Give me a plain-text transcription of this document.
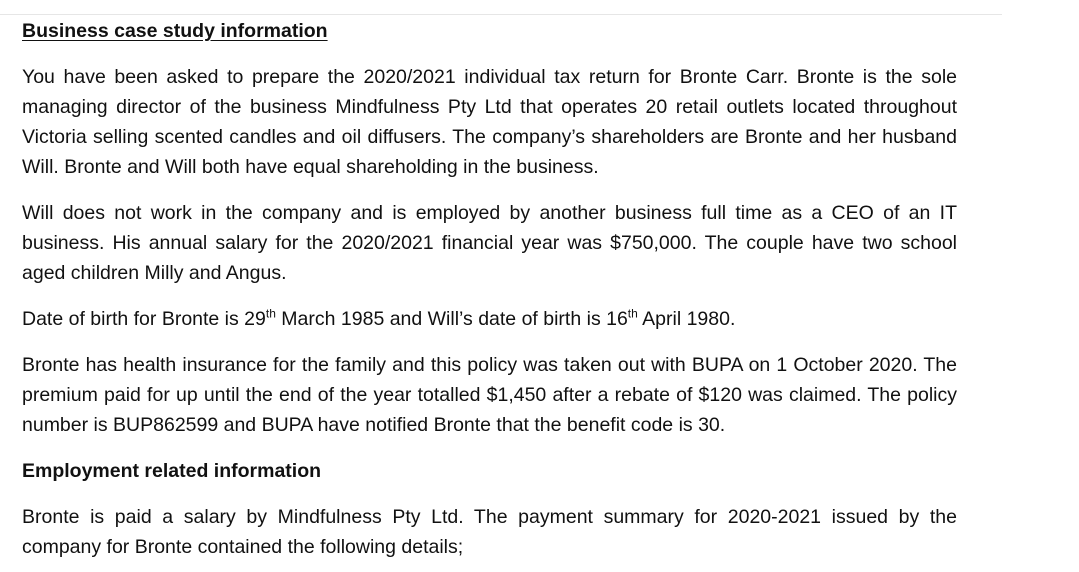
Business case study information

You have been asked to prepare the 2020/2021 individual tax return for Bronte Carr. Bronte is the sole managing director of the business Mindfulness Pty Ltd that operates 20 retail outlets located throughout Victoria selling scented candles and oil diffusers. The company’s shareholders are Bronte and her husband Will. Bronte and Will both have equal shareholding in the business.

Will does not work in the company and is employed by another business full time as a CEO of an IT business. His annual salary for the 2020/2021 financial year was $750,000. The couple have two school aged children Milly and Angus.

Date of birth for Bronte is 29th March 1985 and Will’s date of birth is 16th April 1980.

Bronte has health insurance for the family and this policy was taken out with BUPA on 1 October 2020. The premium paid for up until the end of the year totalled $1,450 after a rebate of $120 was claimed. The policy number is BUP862599 and BUPA have notified Bronte that the benefit code is 30.

Employment related information

Bronte is paid a salary by Mindfulness Pty Ltd. The payment summary for 2020-2021 issued by the company for Bronte contained the following details;
